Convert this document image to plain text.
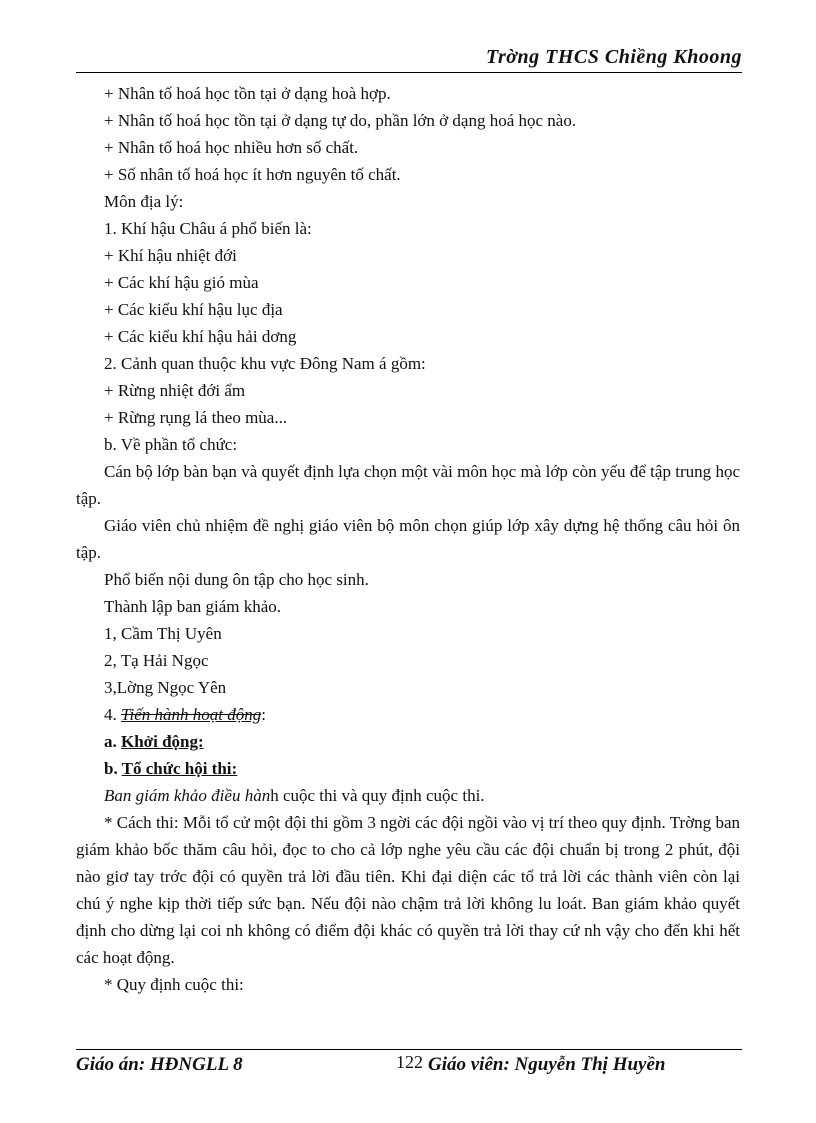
Trờng THCS Chiềng Khoong
+ Nhân tố hoá học tồn tại ở dạng hoà hợp.
+ Nhân tố hoá học tồn tại ở dạng tự do, phần lớn ở dạng hoá học nào.
+ Nhân tố hoá học nhiều hơn số chất.
+ Số nhân tố hoá học ít hơn nguyên tố chất.
Môn địa lý:
1. Khí hậu Châu á phổ biến là:
+ Khí hậu nhiệt đới
+ Các khí hậu gió mùa
+ Các kiểu khí hậu lục địa
+ Các kiểu khí hậu hải dơng
2. Cảnh quan thuộc khu vực Đông Nam á gồm:
+ Rừng nhiệt đới ẩm
+ Rừng rụng lá theo mùa...
b. Về phần tổ chức:

Cán bộ lớp bàn bạn và quyết định lựa chọn một vài môn học mà lớp còn yếu để tập trung học tập.

Giáo viên chủ nhiệm đề nghị giáo viên bộ môn chọn giúp lớp xây dựng hệ thống câu hỏi ôn tập.

Phổ biến nội dung ôn tập cho học sinh.
Thành lập ban giám khảo.
1, Cầm Thị Uyên
2, Tạ Hải Ngọc
3,Lờng Ngọc Yên
4. Tiến hành hoạt động:
a. Khởi động:
b. Tổ chức hội thi:
Ban giám khảo điều hành cuộc thi và quy định cuộc thi.

* Cách thi: Mỗi tổ cử một đội thi gồm 3 ngời các đội ngồi vào vị trí theo quy định. Trờng ban giám khảo bốc thăm câu hỏi, đọc to cho cả lớp nghe yêu cầu các đội chuẩn bị trong 2 phút, đội nào giơ tay trớc đội có quyền trả lời đầu tiên. Khi đại diện các tổ trả lời các thành viên còn lại chú ý nghe kịp thời tiếp sức bạn. Nếu đội nào chậm trả lời không lu loát. Ban giám khảo quyết định cho dừng lại coi nh không có điểm đội khác có quyền trả lời thay cứ nh vậy cho đến khi hết các hoạt động.

* Quy định cuộc thi:
Giáo án: HĐNGLL 8	122 Giáo viên: Nguyễn Thị Huyền
